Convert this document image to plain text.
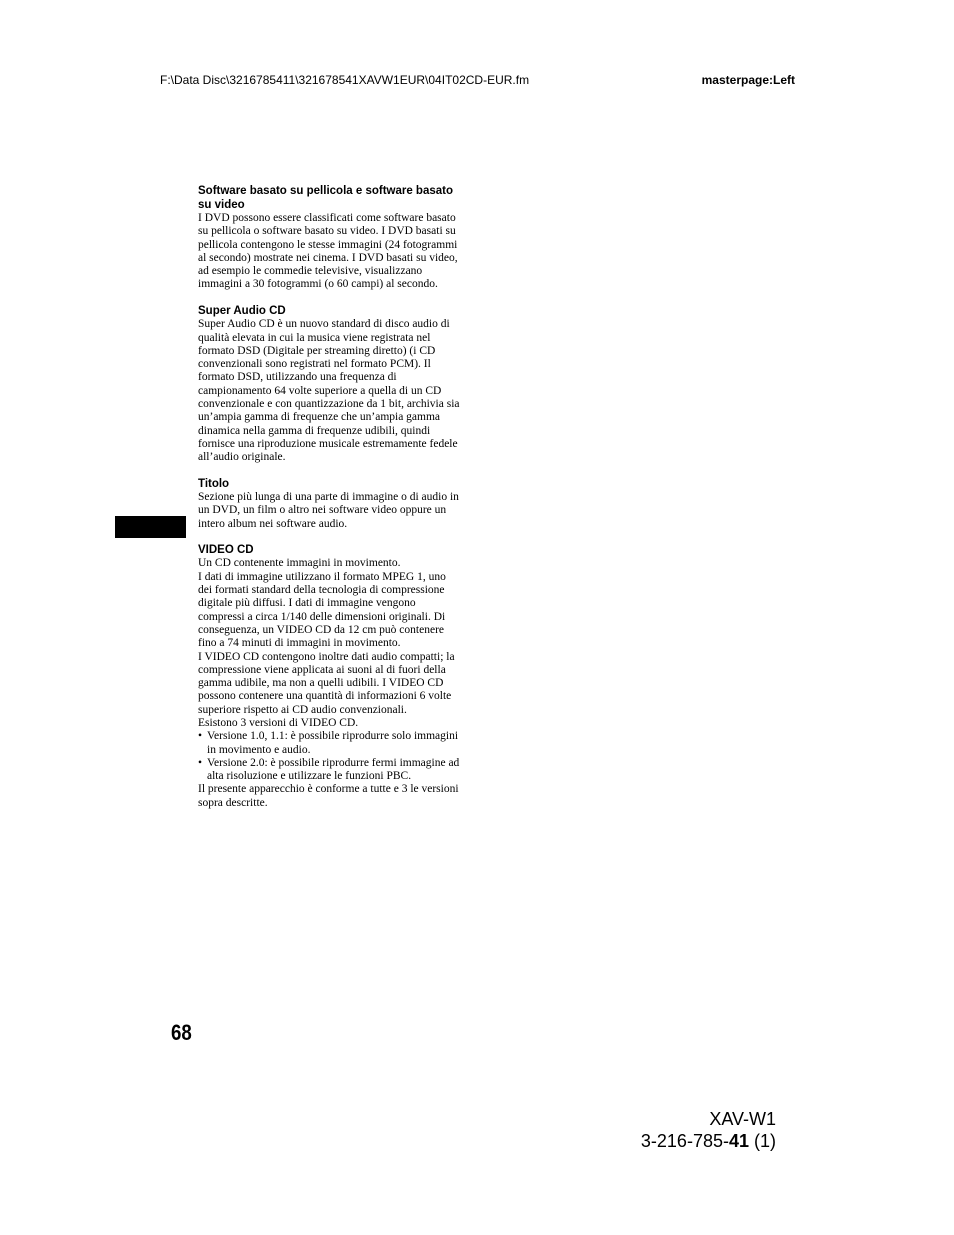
F:\Data Disc\3216785411\321678541XAVW1EUR\04IT02CD-EUR.fm	masterpage:Left
Software basato su pellicola e software basato su video

I DVD possono essere classificati come software basato su pellicola o software basato su video. I DVD basati su pellicola contengono le stesse immagini (24 fotogrammi al secondo) mostrate nei cinema. I DVD basati su video, ad esempio le commedie televisive, visualizzano immagini a 30 fotogrammi (o 60 campi) al secondo.

Super Audio CD

Super Audio CD è un nuovo standard di disco audio di qualità elevata in cui la musica viene registrata nel formato DSD (Digitale per streaming diretto) (i CD convenzionali sono registrati nel formato PCM). Il formato DSD, utilizzando una frequenza di campionamento 64 volte superiore a quella di un CD convenzionale e con quantizzazione da 1 bit, archivia sia un’ampia gamma di frequenze che un’ampia gamma dinamica nella gamma di frequenze udibili, quindi fornisce una riproduzione musicale estremamente fedele all’audio originale.

Titolo

Sezione più lunga di una parte di immagine o di audio in un DVD, un film o altro nei software video oppure un intero album nei software audio.

VIDEO CD

Un CD contenente immagini in movimento.

I dati di immagine utilizzano il formato MPEG 1, uno dei formati standard della tecnologia di compressione digitale più diffusi. I dati di immagine vengono compressi a circa 1/140 delle dimensioni originali. Di conseguenza, un VIDEO CD da 12 cm può contenere fino a 74 minuti di immagini in movimento.

I VIDEO CD contengono inoltre dati audio compatti; la compressione viene applicata ai suoni al di fuori della gamma udibile, ma non a quelli udibili. I VIDEO CD possono contenere una quantità di informazioni 6 volte superiore rispetto ai CD audio convenzionali.

Esistono 3 versioni di VIDEO CD.

• Versione 1.0, 1.1: è possibile riprodurre solo immagini in movimento e audio.
• Versione 2.0: è possibile riprodurre fermi immagine ad alta risoluzione e utilizzare le funzioni PBC.

Il presente apparecchio è conforme a tutte e 3 le versioni sopra descritte.

68
XAV-W1
3-216-785-41 (1)
